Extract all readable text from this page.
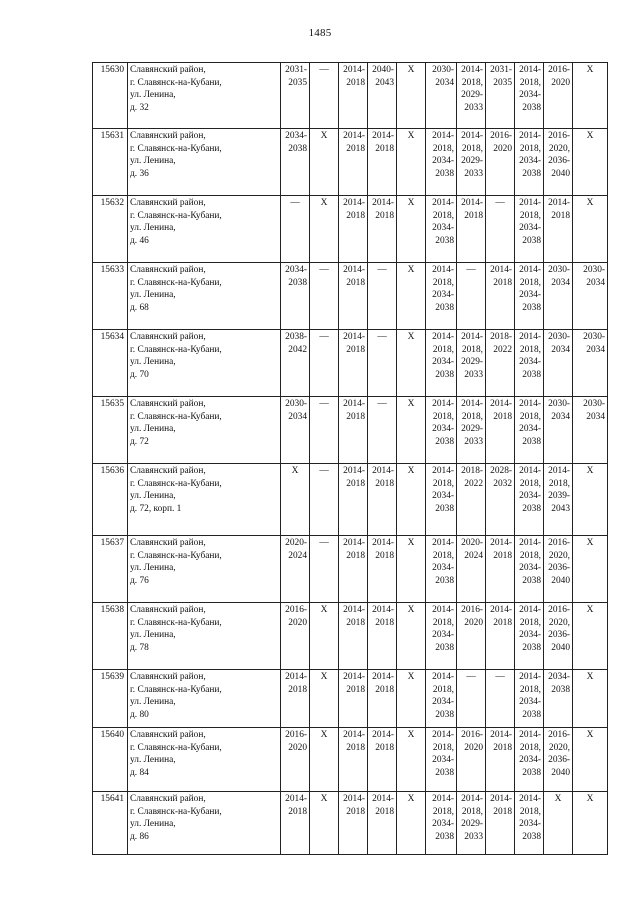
1485
15630	Славянский район,
г. Славянск-на-Кубани,
ул. Ленина,
д. 32	2031-
2035	—	2014-
2018	2040-
2043	X	2030-
2034	2014-
2018,
2029-
2033	2031-
2035	2014-
2018,
2034-
2038	2016-
2020	X

15631	Славянский район,
г. Славянск-на-Кубани,
ул. Ленина,
д. 36	2034-
2038	X	2014-
2018	2014-
2018	X	2014-
2018,
2034-
2038	2014-
2018,
2029-
2033	2016-
2020	2014-
2018,
2034-
2038	2016-
2020,
2036-
2040	X

15632	Славянский район,
г. Славянск-на-Кубани,
ул. Ленина,
д. 46	—	X	2014-
2018	2014-
2018	X	2014-
2018,
2034-
2038	2014-
2018	—	2014-
2018,
2034-
2038	2014-
2018	X

15633	Славянский район,
г. Славянск-на-Кубани,
ул. Ленина,
д. 68	2034-
2038	—	2014-
2018	—	X	2014-
2018,
2034-
2038	—	2014-
2018	2014-
2018,
2034-
2038	2030-
2034	2030-
2034

15634	Славянский район,
г. Славянск-на-Кубани,
ул. Ленина,
д. 70	2038-
2042	—	2014-
2018	—	X	2014-
2018,
2034-
2038	2014-
2018,
2029-
2033	2018-
2022	2014-
2018,
2034-
2038	2030-
2034	2030-
2034

15635	Славянский район,
г. Славянск-на-Кубани,
ул. Ленина,
д. 72	2030-
2034	—	2014-
2018	—	X	2014-
2018,
2034-
2038	2014-
2018,
2029-
2033	2014-
2018	2014-
2018,
2034-
2038	2030-
2034	2030-
2034

15636	Славянский район,
г. Славянск-на-Кубани,
ул. Ленина,
д. 72, корп. 1	X	—	2014-
2018	2014-
2018	X	2014-
2018,
2034-
2038	2018-
2022	2028-
2032	2014-
2018,
2034-
2038	2014-
2018,
2039-
2043	X

15637	Славянский район,
г. Славянск-на-Кубани,
ул. Ленина,
д. 76	2020-
2024	—	2014-
2018	2014-
2018	X	2014-
2018,
2034-
2038	2020-
2024	2014-
2018	2014-
2018,
2034-
2038	2016-
2020,
2036-
2040	X

15638	Славянский район,
г. Славянск-на-Кубани,
ул. Ленина,
д. 78	2016-
2020	X	2014-
2018	2014-
2018	X	2014-
2018,
2034-
2038	2016-
2020	2014-
2018	2014-
2018,
2034-
2038	2016-
2020,
2036-
2040	X

15639	Славянский район,
г. Славянск-на-Кубани,
ул. Ленина,
д. 80	2014-
2018	X	2014-
2018	2014-
2018	X	2014-
2018,
2034-
2038	—	—	2014-
2018,
2034-
2038	2034-
2038	X

15640	Славянский район,
г. Славянск-на-Кубани,
ул. Ленина,
д. 84	2016-
2020	X	2014-
2018	2014-
2018	X	2014-
2018,
2034-
2038	2016-
2020	2014-
2018	2014-
2018,
2034-
2038	2016-
2020,
2036-
2040	X

15641	Славянский район,
г. Славянск-на-Кубани,
ул. Ленина,
д. 86	2014-
2018	X	2014-
2018	2014-
2018	X	2014-
2018,
2034-
2038	2014-
2018,
2029-
2033	2014-
2018	2014-
2018,
2034-
2038	X	X
